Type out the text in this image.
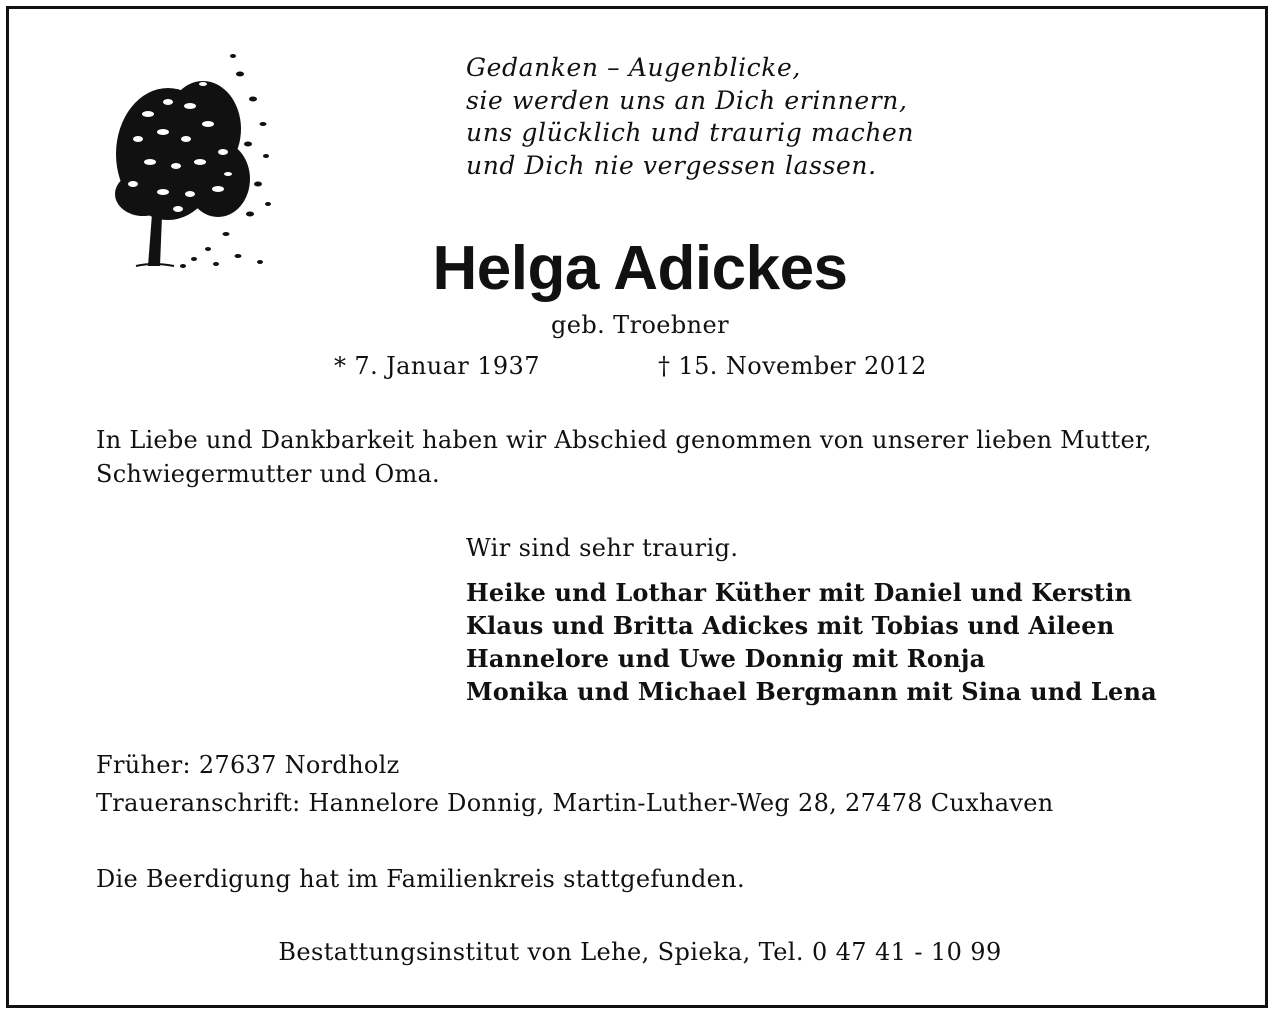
Gedanken – Augenblicke,
sie werden uns an Dich erinnern,
uns glücklich und traurig machen
und Dich nie vergessen lassen.
Helga Adickes
geb. Troebner
* 7. Januar 1937	† 15. November 2012
In Liebe und Dankbarkeit haben wir Abschied genommen von unserer lieben Mutter, Schwiegermutter und Oma.
Wir sind sehr traurig.
Heike und Lothar Küther mit Daniel und Kerstin
Klaus und Britta Adickes mit Tobias und Aileen
Hannelore und Uwe Donnig mit Ronja
Monika und Michael Bergmann mit Sina und Lena
Früher: 27637 Nordholz
Traueranschrift: Hannelore Donnig, Martin-Luther-Weg 28, 27478 Cuxhaven
Die Beerdigung hat im Familienkreis stattgefunden.
Bestattungsinstitut von Lehe, Spieka, Tel. 0 47 41 - 10 99
